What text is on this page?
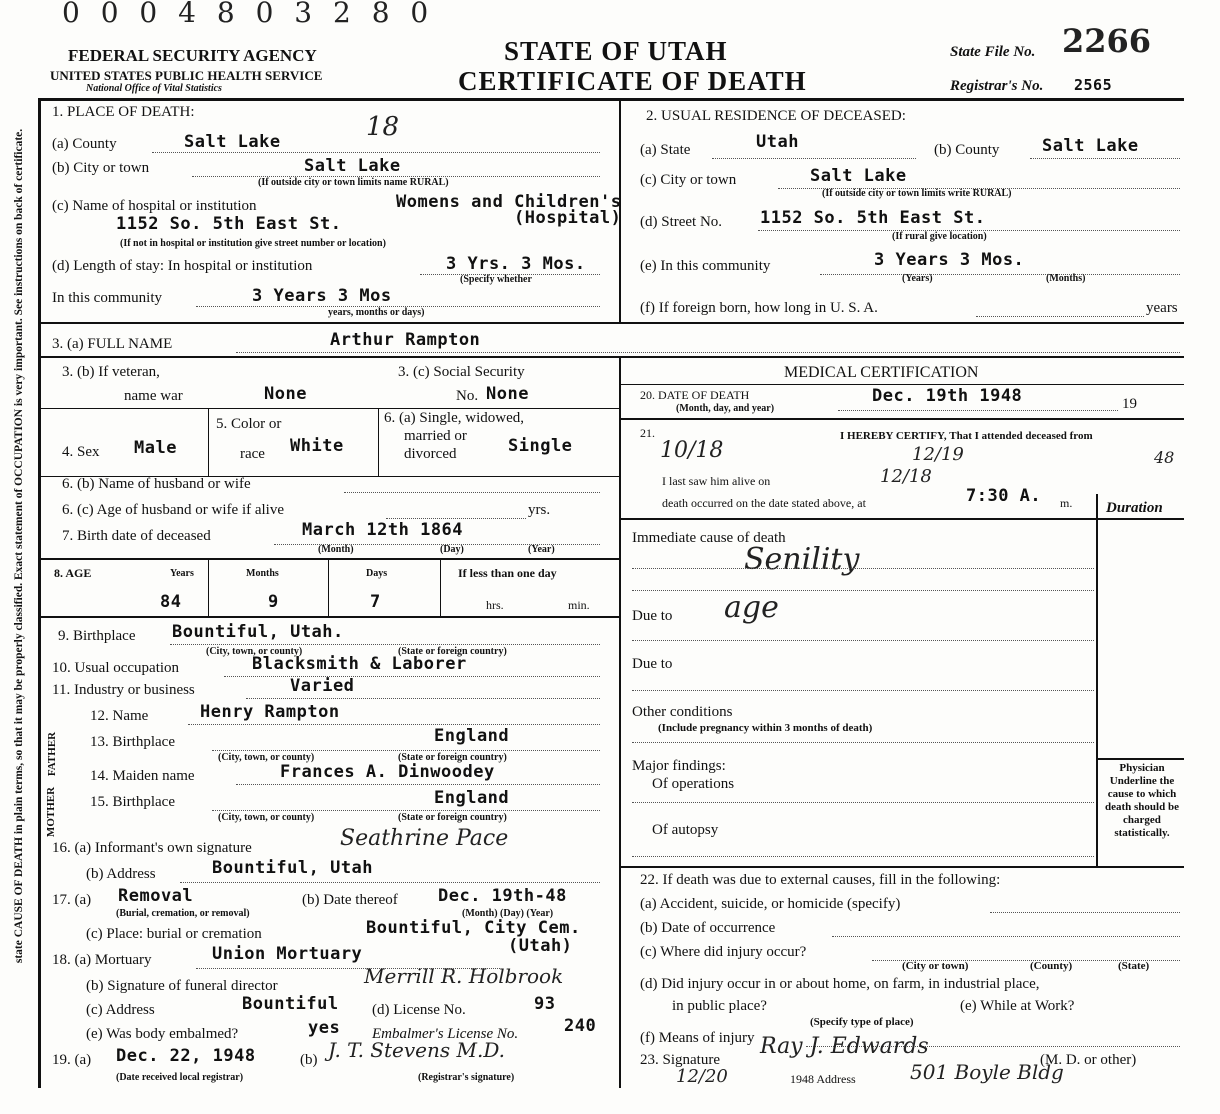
0 0 0 4 8 0 3 2 8 0
FEDERAL SECURITY AGENCY
UNITED STATES PUBLIC HEALTH SERVICE
National Office of Vital Statistics
STATE OF UTAH
CERTIFICATE OF DEATH
State File No. 2266
Registrar's No. 2565
state CAUSE OF DEATH in plain terms, so that it may be properly classified. Exact statement of OCCUPATION is very important. See instructions on back of certificate.
1. PLACE OF DEATH:
(a) County	Salt Lake	18
(b) City or town	Salt Lake
(If outside city or town limits name RURAL)
(c) Name of hospital or institution	Womens and Children's
1152 So. 5th East St.	(Hospital)
(If not in hospital or institution give street number or location)
(d) Length of stay: In hospital or institution	3 Yrs. 3 Mos.
(Specify whether
In this community	3 Years 3 Mos
years, months or days)
2. USUAL RESIDENCE OF DECEASED:
(a) State	Utah	(b) County	Salt Lake
(c) City or town	Salt Lake
(If outside city or town limits write RURAL)
(d) Street No. 1152 So. 5th East St.
(If rural give location)
(e) In this community	3 Years 3 Mos.
(Years)	(Months)
(f) If foreign born, how long in U. S. A.	years
3. (a) FULL NAME	Arthur Rampton
3. (b) If veteran,
name war	None
3. (c) Social Security
No. None
4. Sex Male
5. Color or
race White
6. (a) Single, widowed,
married or
divorced	Single
6. (b) Name of husband or wife
6. (c) Age of husband or wife if alive	yrs.
7. Birth date of deceased	March 12th 1864
(Month)	(Day)	(Year)
8. AGE	Years	Months	Days	If less than one day
84	9	7	hrs.	min.
9. Birthplace Bountiful, Utah.
(City, town, or county)	(State or foreign country)
10. Usual occupation	Blacksmith & Laborer
11. Industry or business	Varied
FATHER
MOTHER
12. Name	Henry Rampton
13. Birthplace	England
(City, town, or county)	(State or foreign country)
14. Maiden name	Frances A. Dinwoodey
15. Birthplace	England
(City, town, or county)	(State or foreign country)
16. (a) Informant's own signature	Seathrine Pace
(b) Address	Bountiful, Utah
17. (a) Removal
(Burial, cremation, or removal)
(b) Date thereof Dec. 19th-48
(Month) (Day) (Year)
(c) Place: burial or cremation	Bountiful, City Cem.
(Utah)
18. (a) Mortuary	Union Mortuary
(b) Signature of funeral director	Merrill R. Holbrook
(c) Address	Bountiful (d) License No.	93
(e) Was body embalmed?	yes Embalmer's License No.	240
19. (a) Dec. 22, 1948
(Date received local registrar)
(b) J. T. Stevens M.D.
(Registrar's signature)
MEDICAL CERTIFICATION
20. DATE OF DEATH
(Month, day, and year)
Dec. 19th 1948	19
21.	I HEREBY CERTIFY, That I attended deceased from
10/18	12/19	48
I last saw him alive on	12/18
death occurred on the date stated above, at	7:30 A. m. Duration
Immediate cause of death
Senility
Due to age
Due to
Other conditions
(Include pregnancy within 3 months of death)
Major findings:
Of operations
Of autopsy
Physician Underline the cause to which death should be charged statistically.
22. If death was due to external causes, fill in the following:
(a) Accident, suicide, or homicide (specify)
(b) Date of occurrence
(c) Where did injury occur?
(City or town)	(County)	(State)
(d) Did injury occur in or about home, on farm, in industrial place,
in public place?
(Specify type of place)
(e) While at Work?
(f) Means of injury
23. Signature
Ray J. Edwards
(M. D. or other)
12/20	1948 Address	501 Boyle Bldg
